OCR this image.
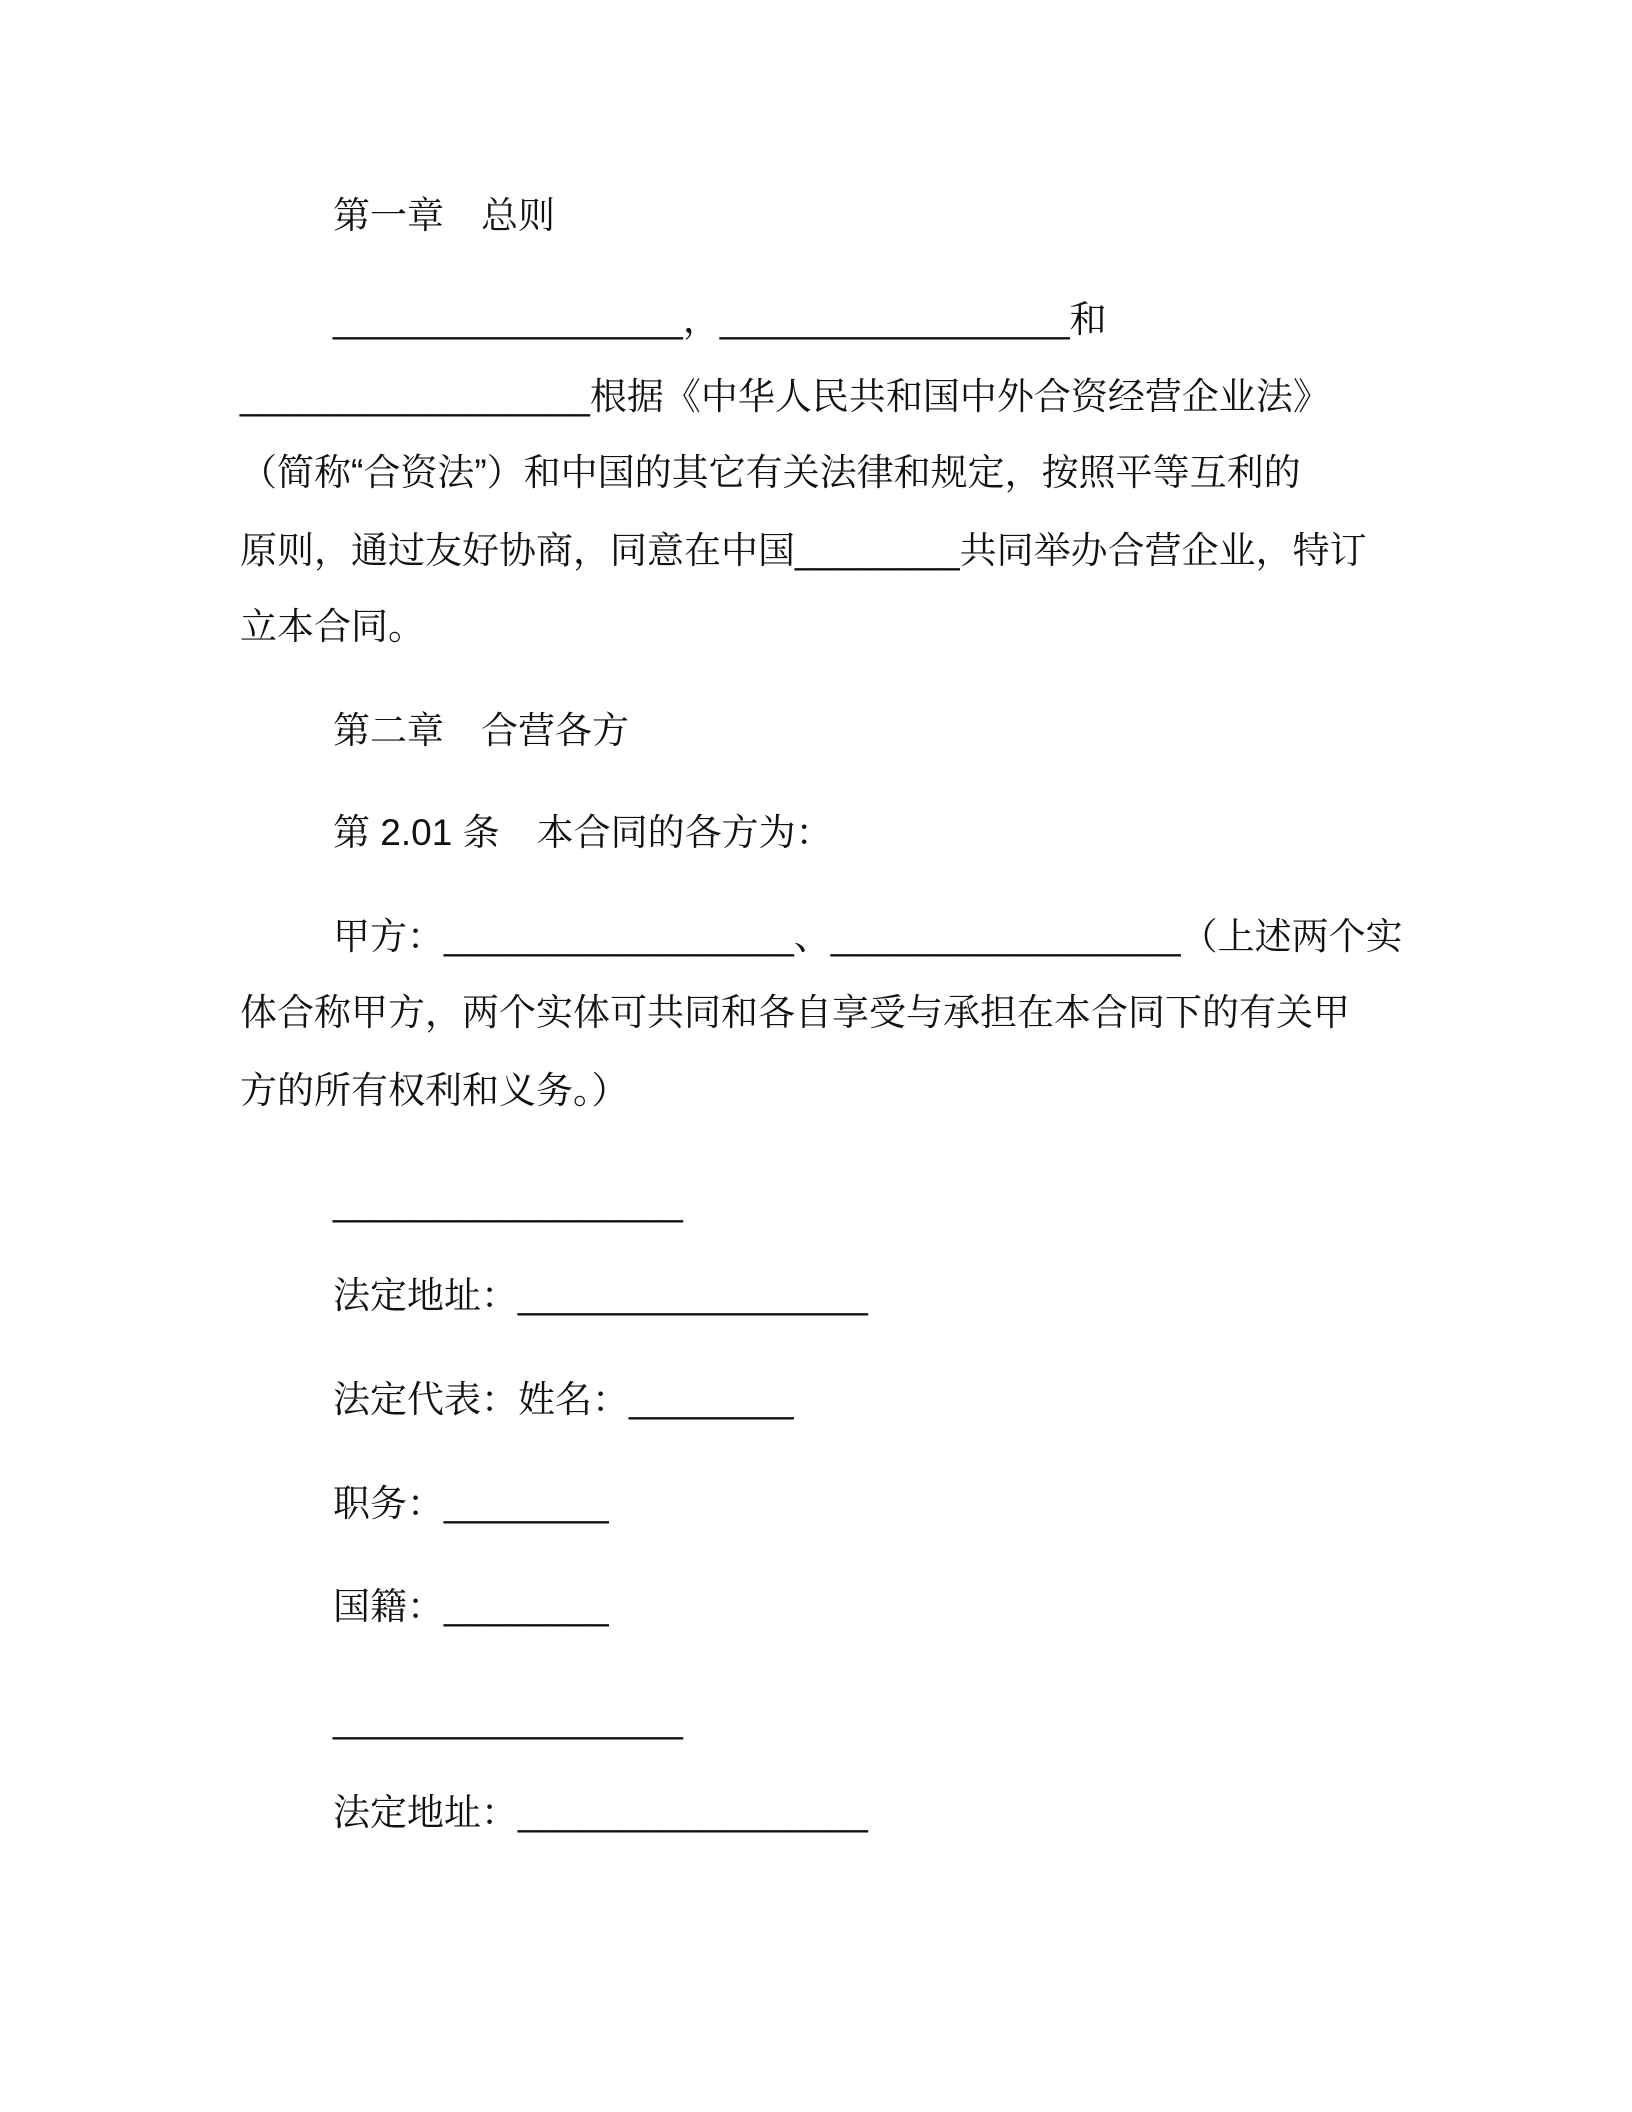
第一章　总则
_________________，_________________和
_________________根据《中华人民共和国中外合资经营企业法》
（简称“合资法”）和中国的其它有关法律和规定，按照平等互利的
原则，通过友好协商，同意在中国________共同举办合营企业，特订
立本合同。
第二章　合营各方
第 2.01 条　本合同的各方为：
甲方：_________________、_________________（上述两个实
体合称甲方，两个实体可共同和各自享受与承担在本合同下的有关甲
方的所有权利和义务。）
_________________
法定地址：_________________
法定代表：姓名：________
职务：________
国籍：________
_________________
法定地址：_________________
